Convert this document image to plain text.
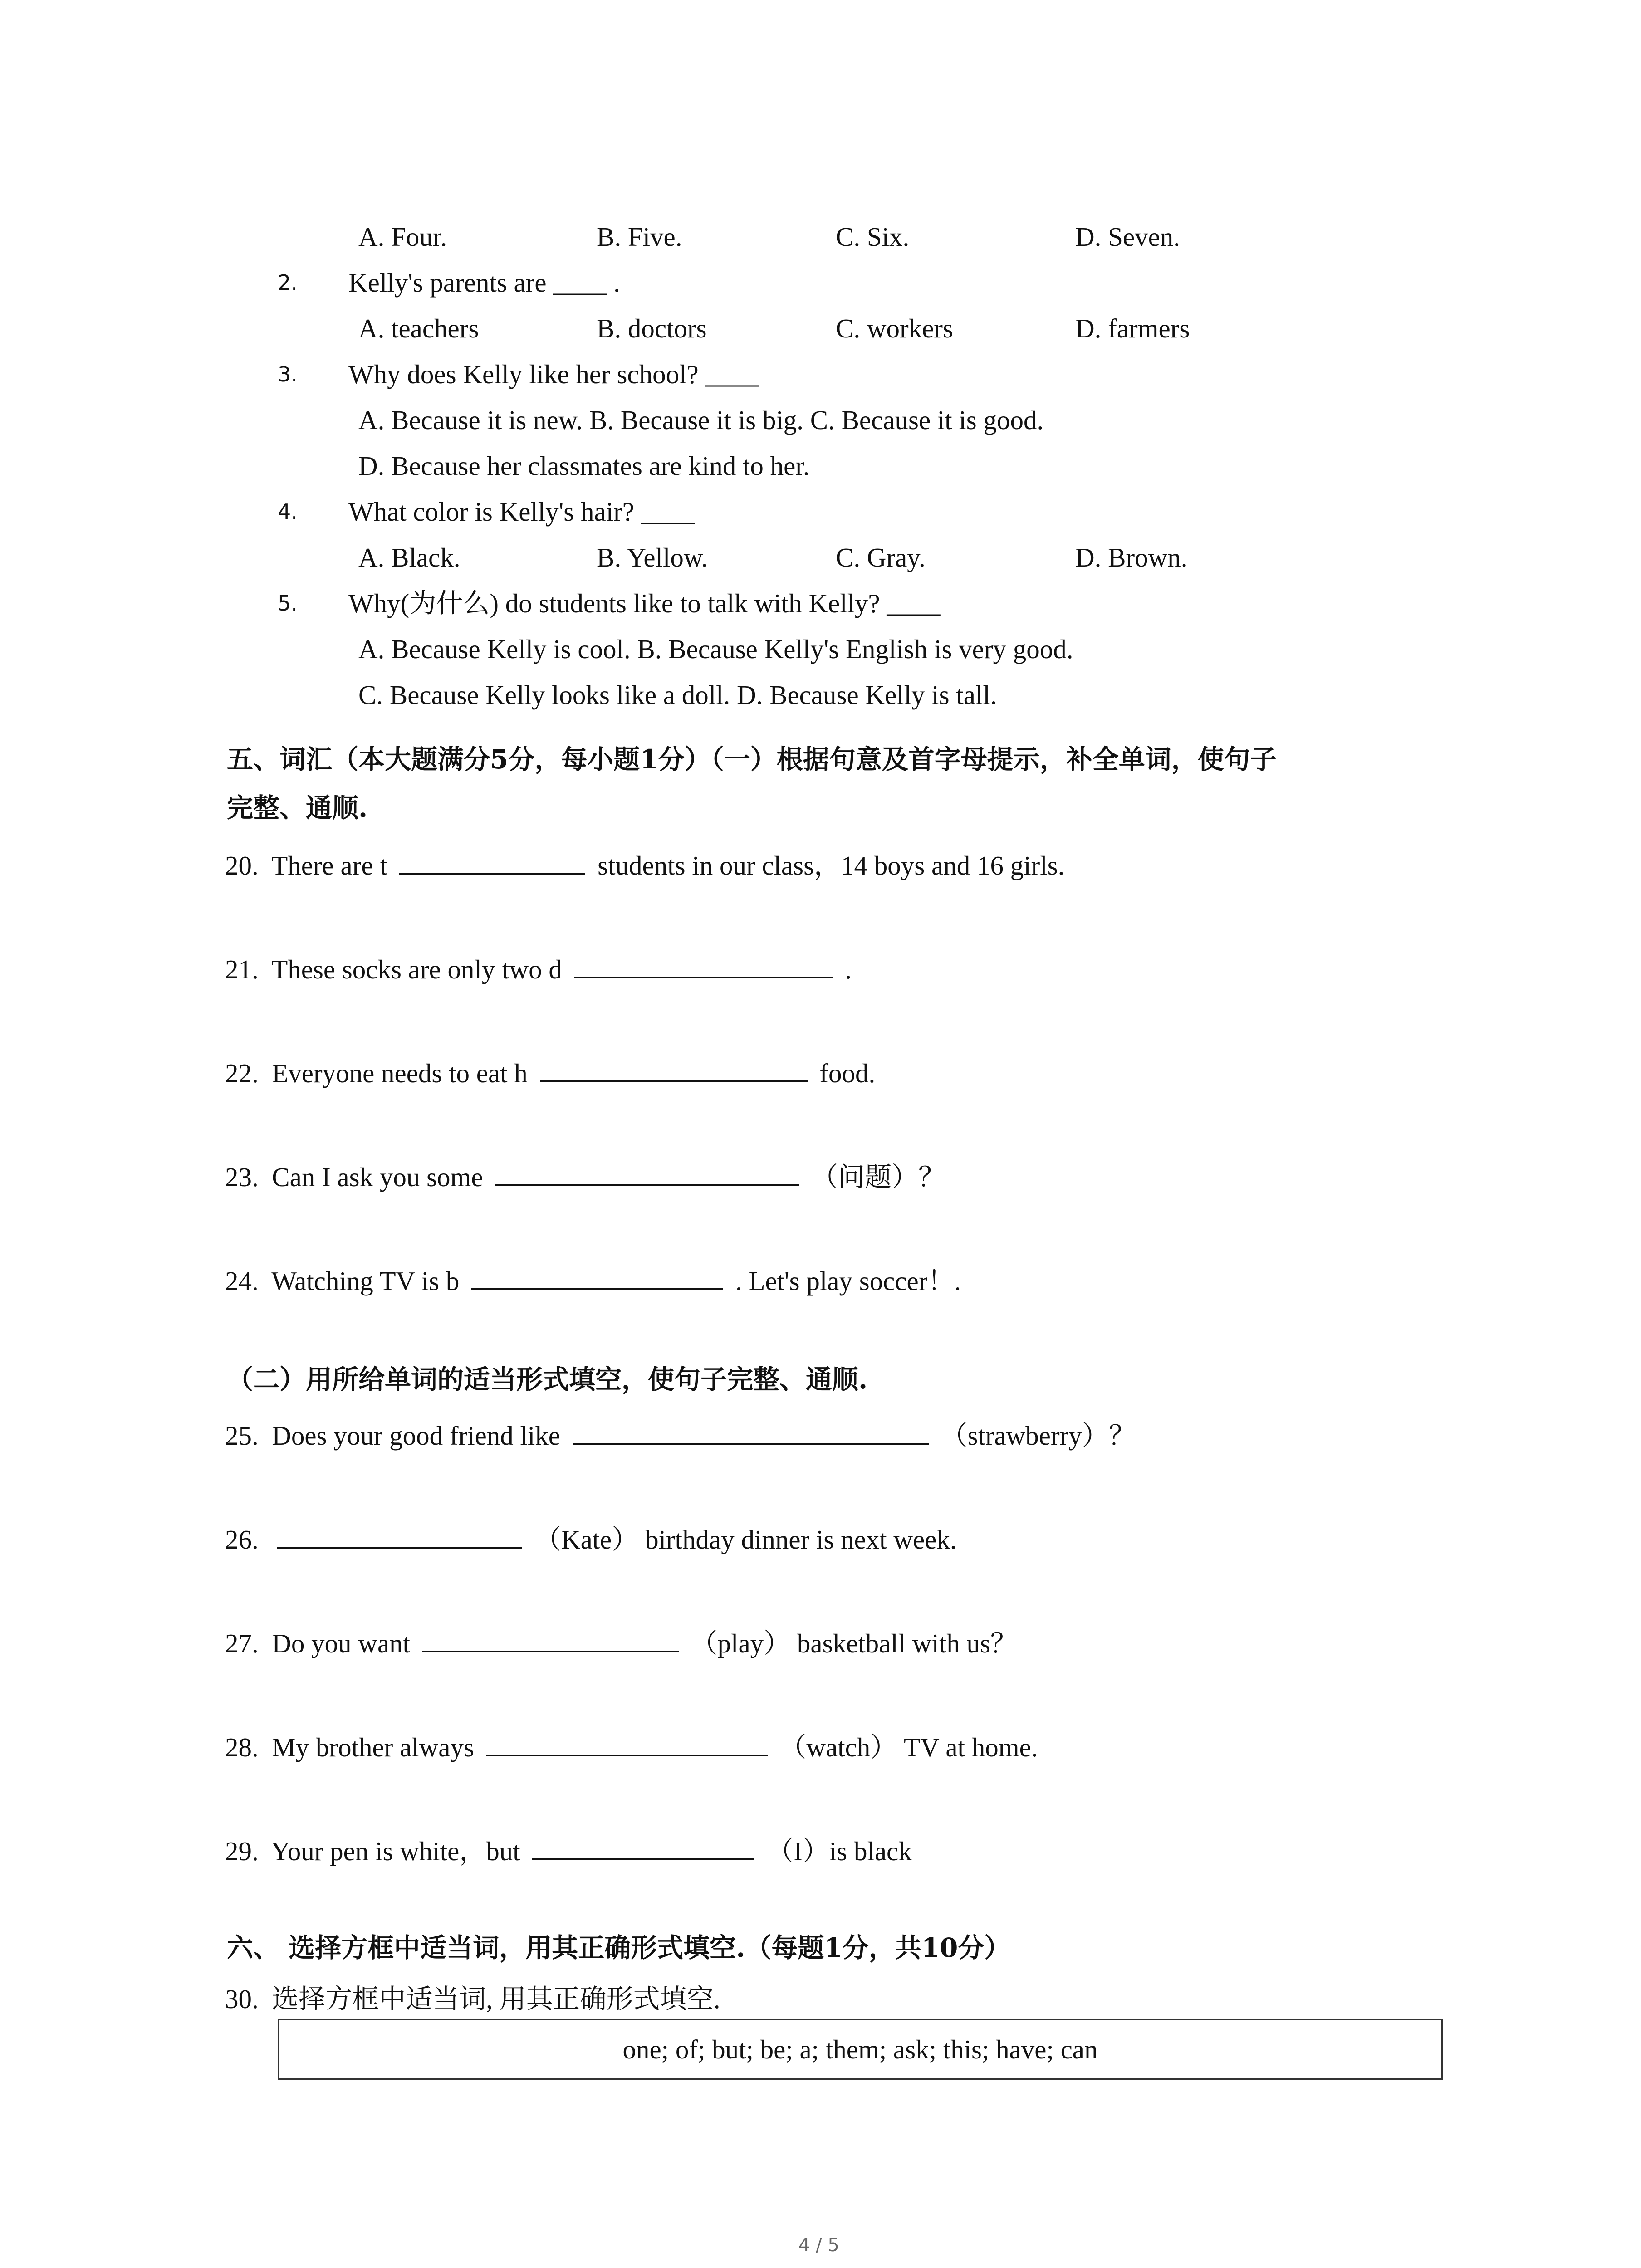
A. Four.	B. Five.	C. Six.	D. Seven.
2. Kelly's parents are ____ .
A. teachers	B. doctors	C. workers	D. farmers
3. Why does Kelly like her school? ____
A. Because it is new. B. Because it is big. C. Because it is good.
D. Because her classmates are kind to her.
4. What color is Kelly's hair? ____
A. Black.	B. Yellow.	C. Gray.	D. Brown.
5. Why(为什么) do students like to talk with Kelly? ____
A. Because Kelly is cool. B. Because Kelly's English is very good.
C. Because Kelly looks like a doll. D. Because Kelly is tall.
五、词汇（本大题满分5分，每小题1分）（一）根据句意及首字母提示，补全单词，使句子
完整、通顺.
20. There are t	students in our class，14 boys and 16 girls.
21. These socks are only two d	.
22. Everyone needs to eat h	food.
23. Can I ask you some	（问题）？
24. Watching TV is b	. Let's play soccer！.
（二）用所给单词的适当形式填空，使句子完整、通顺.
25. Does your good friend like	（strawberry）？
26.	（Kate） birthday dinner is next week.
27. Do you want	（play） basketball with us？
28. My brother always	（watch） TV at home.
29. Your pen is white，but	（I）is black
六、 选择方框中适当词，用其正确形式填空.（每题1分，共10分）
30. 选择方框中适当词, 用其正确形式填空.
one; of; but; be; a; them; ask; this; have; can
4 / 5
